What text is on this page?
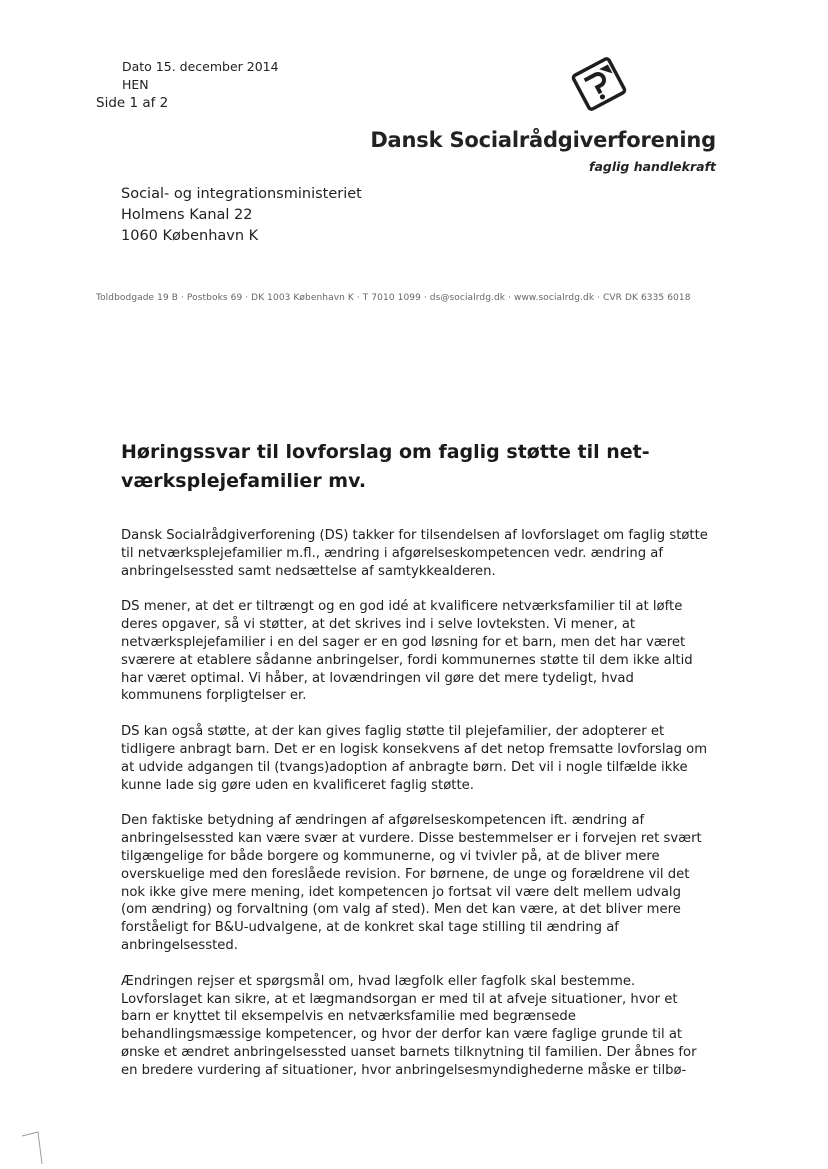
Dato 15. december 2014
HEN
Side 1 af 2
Dansk Socialrådgiverforening
faglig handlekraft
Social- og integrationsministeriet
Holmens Kanal 22
1060 København K
Toldbodgade 19 B · Postboks 69 · DK 1003 København K · T 7010 1099 · ds@socialrdg.dk · www.socialrdg.dk · CVR DK 6335 6018
Høringssvar til lovforslag om faglig støtte til net-værksplejefamilier mv.

Dansk Socialrådgiverforening (DS) takker for tilsendelsen af lovforslaget om faglig støtte til netværksplejefamilier m.fl., ændring i afgørelseskompetencen vedr. ændring af anbringelsessted samt nedsættelse af samtykkealderen.

DS mener, at det er tiltrængt og en god idé at kvalificere netværksfamilier til at løfte deres opgaver, så vi støtter, at det skrives ind i selve lovteksten. Vi mener, at netværksplejefamilier i en del sager er en god løsning for et barn, men det har været sværere at etablere sådanne anbringelser, fordi kommunernes støtte til dem ikke altid har været optimal. Vi håber, at lovændringen vil gøre det mere tydeligt, hvad kommunens forpligtelser er.

DS kan også støtte, at der kan gives faglig støtte til plejefamilier, der adopterer et tidligere anbragt barn. Det er en logisk konsekvens af det netop fremsatte lovforslag om at udvide adgangen til (tvangs)adoption af anbragte børn. Det vil i nogle tilfælde ikke kunne lade sig gøre uden en kvalificeret faglig støtte.

Den faktiske betydning af ændringen af afgørelseskompetencen ift. ændring af anbringelsessted kan være svær at vurdere. Disse bestemmelser er i forvejen ret svært tilgængelige for både borgere og kommunerne, og vi tvivler på, at de bliver mere overskuelige med den foreslåede revision. For børnene, de unge og forældrene vil det nok ikke give mere mening, idet kompetencen jo fortsat vil være delt mellem udvalg (om ændring) og forvaltning (om valg af sted). Men det kan være, at det bliver mere forståeligt for B&U-udvalgene, at de konkret skal tage stilling til ændring af anbringelsessted.

Ændringen rejser et spørgsmål om, hvad lægfolk eller fagfolk skal bestemme. Lovforslaget kan sikre, at et lægmandsorgan er med til at afveje situationer, hvor et barn er knyttet til eksempelvis en netværksfamilie med begrænsede behandlingsmæssige kompetencer, og hvor der derfor kan være faglige grunde til at ønske et ændret anbringelsessted uanset barnets tilknytning til familien. Der åbnes for en bredere vurdering af situationer, hvor anbringelsesmyndighederne måske er tilbø-
